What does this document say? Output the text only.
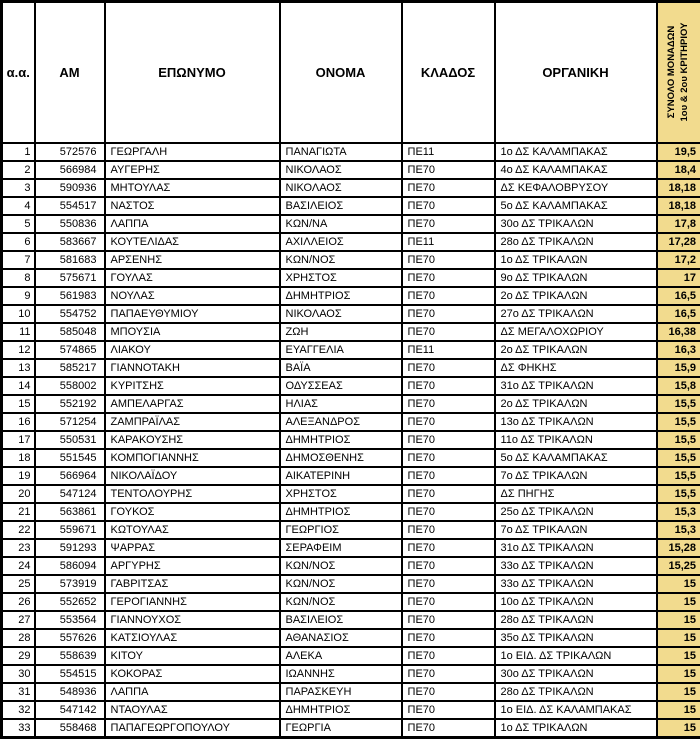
α.α.	ΑΜ	ΕΠΩΝΥΜΟ	ΟΝΟΜΑ	ΚΛΑΔΟΣ	ΟΡΓΑΝΙΚΗ	ΣΥΝΟΛΟ ΜΟΝΑΔΩΝ 1ου & 2ου ΚΡΙΤΗΡΙΟΥ

1	572576	ΓΕΩΡΓΑΛΗ	ΠΑΝΑΓΙΩΤΑ	ΠΕ11	1ο ΔΣ ΚΑΛΑΜΠΑΚΑΣ	19,5
2	566984	ΑΥΓΕΡΗΣ	ΝΙΚΟΛΑΟΣ	ΠΕ70	4ο ΔΣ ΚΑΛΑΜΠΑΚΑΣ	18,4
3	590936	ΜΗΤΟΥΛΑΣ	ΝΙΚΟΛΑΟΣ	ΠΕ70	ΔΣ ΚΕΦΑΛΟΒΡΥΣΟΥ	18,18
4	554517	ΝΑΣΤΟΣ	ΒΑΣΙΛΕΙΟΣ	ΠΕ70	5ο ΔΣ ΚΑΛΑΜΠΑΚΑΣ	18,18
5	550836	ΛΑΠΠΑ	ΚΩΝ/ΝΑ	ΠΕ70	30ο ΔΣ ΤΡΙΚΑΛΩΝ	17,8
6	583667	ΚΟΥΤΕΛΙΔΑΣ	ΑΧΙΛΛΕΙΟΣ	ΠΕ11	28ο ΔΣ ΤΡΙΚΑΛΩΝ	17,28
7	581683	ΑΡΣΕΝΗΣ	ΚΩΝ/ΝΟΣ	ΠΕ70	1ο ΔΣ ΤΡΙΚΑΛΩΝ	17,2
8	575671	ΓΟΥΛΑΣ	ΧΡΗΣΤΟΣ	ΠΕ70	9ο ΔΣ ΤΡΙΚΑΛΩΝ	17
9	561983	ΝΟΥΛΑΣ	ΔΗΜΗΤΡΙΟΣ	ΠΕ70	2ο ΔΣ ΤΡΙΚΑΛΩΝ	16,5
10	554752	ΠΑΠΑΕΥΘΥΜΙΟΥ	ΝΙΚΟΛΑΟΣ	ΠΕ70	27ο ΔΣ ΤΡΙΚΑΛΩΝ	16,5
11	585048	ΜΠΟΥΣΙΑ	ΖΩΗ	ΠΕ70	ΔΣ ΜΕΓΑΛΟΧΩΡΙΟΥ	16,38
12	574865	ΛΙΑΚΟΥ	ΕΥΑΓΓΕΛΙΑ	ΠΕ11	2ο ΔΣ ΤΡΙΚΑΛΩΝ	16,3
13	585217	ΓΙΑΝΝΟΤΑΚΗ	ΒΑΪΑ	ΠΕ70	ΔΣ ΦΗΚΗΣ	15,9
14	558002	ΚΥΡΙΤΣΗΣ	ΟΔΥΣΣΕΑΣ	ΠΕ70	31ο ΔΣ ΤΡΙΚΑΛΩΝ	15,8
15	552192	ΑΜΠΕΛΑΡΓΑΣ	ΗΛΙΑΣ	ΠΕ70	2ο ΔΣ ΤΡΙΚΑΛΩΝ	15,5
16	571254	ΖΑΜΠΡΑΪΛΑΣ	ΑΛΕΞΑΝΔΡΟΣ	ΠΕ70	13ο ΔΣ ΤΡΙΚΑΛΩΝ	15,5
17	550531	ΚΑΡΑΚΟΥΣΗΣ	ΔΗΜΗΤΡΙΟΣ	ΠΕ70	11ο ΔΣ ΤΡΙΚΑΛΩΝ	15,5
18	551545	ΚΟΜΠΟΓΙΑΝΝΗΣ	ΔΗΜΟΣΘΕΝΗΣ	ΠΕ70	5ο ΔΣ ΚΑΛΑΜΠΑΚΑΣ	15,5
19	566964	ΝΙΚΟΛΑΪΔΟΥ	ΑΙΚΑΤΕΡΙΝΗ	ΠΕ70	7ο ΔΣ ΤΡΙΚΑΛΩΝ	15,5
20	547124	ΤΕΝΤΟΛΟΥΡΗΣ	ΧΡΗΣΤΟΣ	ΠΕ70	ΔΣ ΠΗΓΗΣ	15,5
21	563861	ΓΟΥΚΟΣ	ΔΗΜΗΤΡΙΟΣ	ΠΕ70	25ο ΔΣ ΤΡΙΚΑΛΩΝ	15,3
22	559671	ΚΩΤΟΥΛΑΣ	ΓΕΩΡΓΙΟΣ	ΠΕ70	7ο ΔΣ ΤΡΙΚΑΛΩΝ	15,3
23	591293	ΨΑΡΡΑΣ	ΣΕΡΑΦΕΙΜ	ΠΕ70	31ο ΔΣ ΤΡΙΚΑΛΩΝ	15,28
24	586094	ΑΡΓΥΡΗΣ	ΚΩΝ/ΝΟΣ	ΠΕ70	33ο ΔΣ ΤΡΙΚΑΛΩΝ	15,25
25	573919	ΓΑΒΡΙΤΣΑΣ	ΚΩΝ/ΝΟΣ	ΠΕ70	33ο ΔΣ ΤΡΙΚΑΛΩΝ	15
26	552652	ΓΕΡΟΓΙΑΝΝΗΣ	ΚΩΝ/ΝΟΣ	ΠΕ70	10ο ΔΣ ΤΡΙΚΑΛΩΝ	15
27	553564	ΓΙΑΝΝΟΥΧΟΣ	ΒΑΣΙΛΕΙΟΣ	ΠΕ70	28ο ΔΣ ΤΡΙΚΑΛΩΝ	15
28	557626	ΚΑΤΣΙΟΥΛΑΣ	ΑΘΑΝΑΣΙΟΣ	ΠΕ70	35ο ΔΣ ΤΡΙΚΑΛΩΝ	15
29	558639	ΚΙΤΟΥ	ΑΛΕΚΑ	ΠΕ70	1ο ΕΙΔ. ΔΣ ΤΡΙΚΑΛΩΝ	15
30	554515	ΚΟΚΟΡΑΣ	ΙΩΑΝΝΗΣ	ΠΕ70	30ο ΔΣ ΤΡΙΚΑΛΩΝ	15
31	548936	ΛΑΠΠΑ	ΠΑΡΑΣΚΕΥΗ	ΠΕ70	28ο ΔΣ ΤΡΙΚΑΛΩΝ	15
32	547142	ΝΤΑΟΥΛΑΣ	ΔΗΜΗΤΡΙΟΣ	ΠΕ70	1ο ΕΙΔ. ΔΣ ΚΑΛΑΜΠΑΚΑΣ	15
33	558468	ΠΑΠΑΓΕΩΡΓΟΠΟΥΛΟΥ	ΓΕΩΡΓΙΑ	ΠΕ70	1ο ΔΣ ΤΡΙΚΑΛΩΝ	15
